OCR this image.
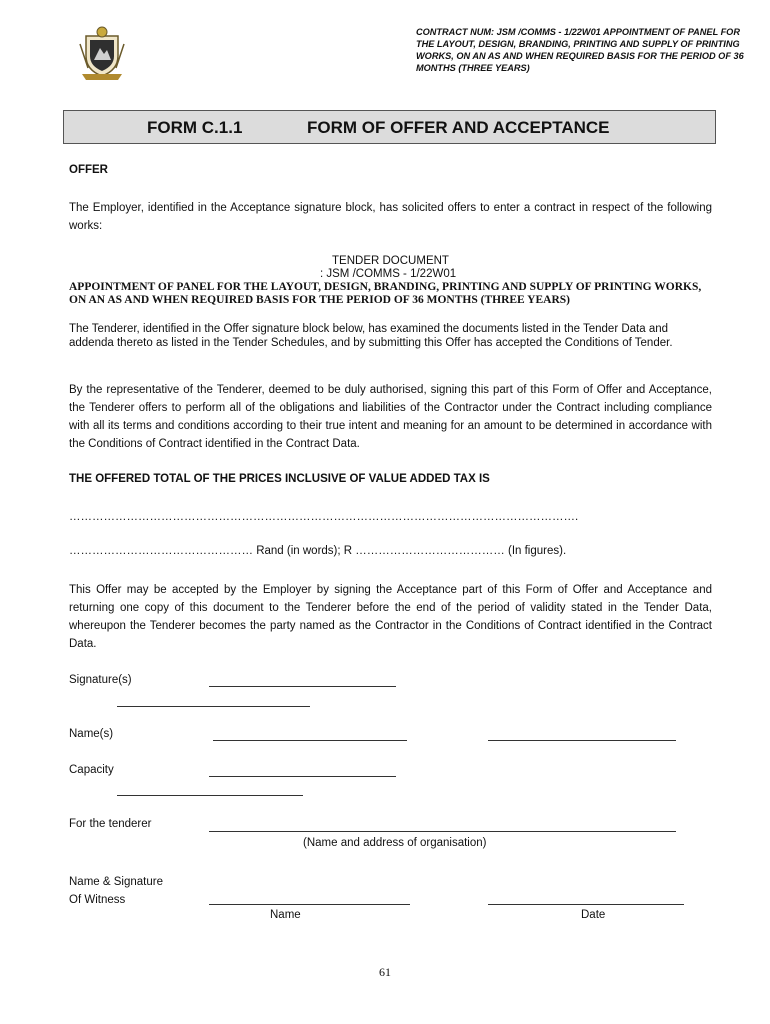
CONTRACT NUM: JSM /COMMS - 1/22W01 APPOINTMENT OF PANEL FOR THE LAYOUT, DESIGN, BRANDING, PRINTING AND SUPPLY OF PRINTING WORKS, ON AN AS AND WHEN REQUIRED BASIS FOR THE PERIOD OF 36 MONTHS (THREE YEARS)
FORM C.1.1	FORM OF OFFER AND ACCEPTANCE
OFFER
The Employer, identified in the Acceptance signature block, has solicited offers to enter a contract in respect of the following works:
TENDER DOCUMENT
: JSM /COMMS - 1/22W01
APPOINTMENT OF PANEL FOR THE LAYOUT, DESIGN, BRANDING, PRINTING AND SUPPLY OF PRINTING WORKS, ON AN AS AND WHEN REQUIRED BASIS FOR THE PERIOD OF 36 MONTHS (THREE YEARS)
The Tenderer, identified in the Offer signature block below, has examined the documents listed in the Tender Data and addenda thereto as listed in the Tender Schedules, and by submitting this Offer has accepted the Conditions of Tender.
By the representative of the Tenderer, deemed to be duly authorised, signing this part of this Form of Offer and Acceptance, the Tenderer offers to perform all of the obligations and liabilities of the Contractor under the Contract including compliance with all its terms and conditions according to their true intent and meaning for an amount to be determined in accordance with the Conditions of Contract identified in the Contract Data.
THE OFFERED TOTAL OF THE PRICES INCLUSIVE OF VALUE ADDED TAX IS
…………………………………………………………………………………………………………………….
………………………………………… Rand (in words); R ………………………………… (In figures).
This Offer may be accepted by the Employer by signing the Acceptance part of this Form of Offer and Acceptance and returning one copy of this document to the Tenderer before the end of the period of validity stated in the Tender Data, whereupon the Tenderer becomes the party named as the Contractor in the Conditions of Contract identified in the Contract Data.
Signature(s)
Name(s)
Capacity
For the tenderer
(Name and address of organisation)
Name & Signature
Of Witness
Name	Date
61
